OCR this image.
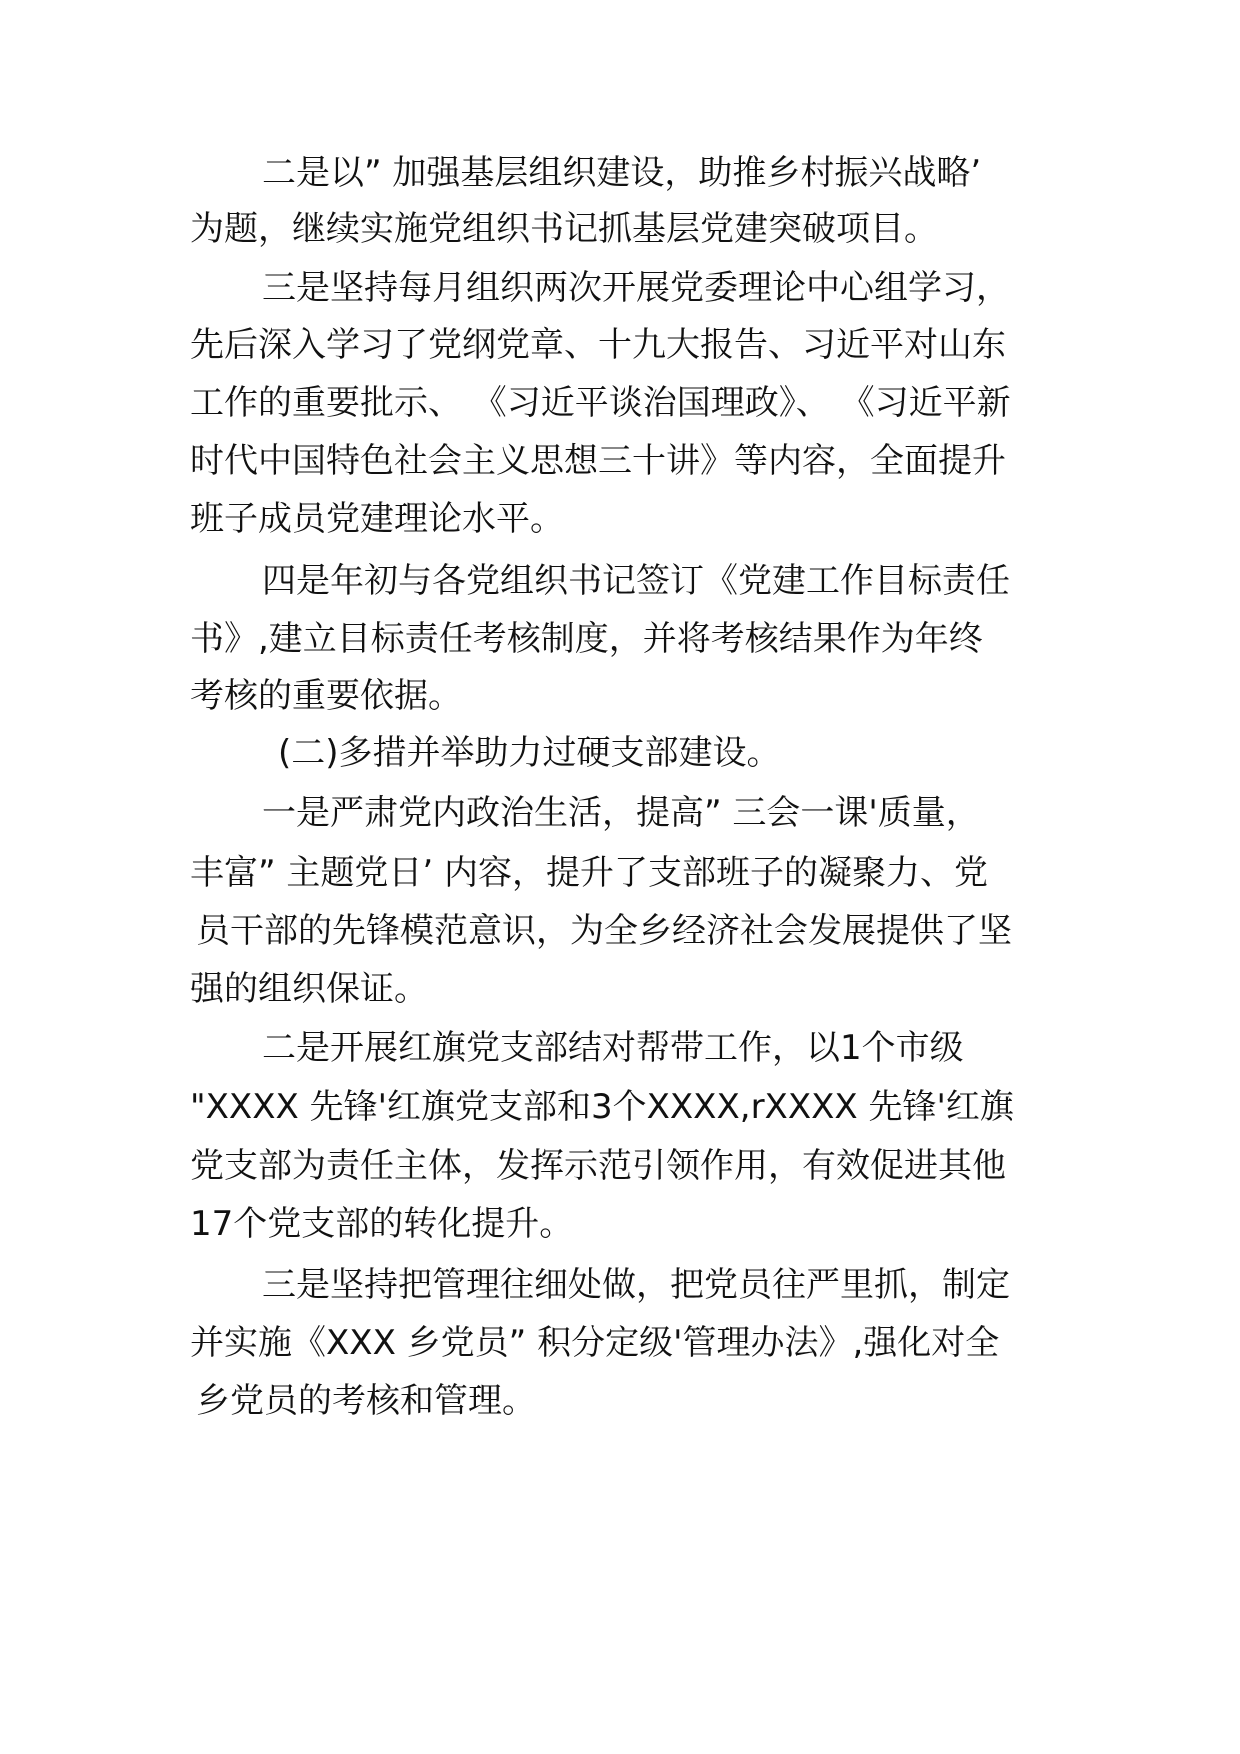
二是以” 加强基层组织建设，助推乡村振兴战略’
为题，继续实施党组织书记抓基层党建突破项目。
三是坚持每月组织两次开展党委理论中心组学习，
先后深入学习了党纲党章、十九大报告、习近平对山东
工作的重要批示、 《习近平谈治国理政》、 《习近平新
时代中国特色社会主义思想三十讲》等内容，全面提升
班子成员党建理论水平。
四是年初与各党组织书记签订《党建工作目标责任
书》,建立目标责任考核制度，并将考核结果作为年终
考核的重要依据。
(二)多措并举助力过硬支部建设。
一是严肃党内政治生活，提高” 三会一课'质量，
丰富” 主题党日’ 内容，提升了支部班子的凝聚力、党
员干部的先锋模范意识，为全乡经济社会发展提供了坚
强的组织保证。
二是开展红旗党支部结对帮带工作，以1个市级
"XXXX 先锋'红旗党支部和3个XXXX,rXXXX 先锋'红旗
党支部为责任主体，发挥示范引领作用，有效促进其他
17个党支部的转化提升。
三是坚持把管理往细处做，把党员往严里抓，制定
并实施《XXX 乡党员” 积分定级'管理办法》,强化对全
乡党员的考核和管理。
